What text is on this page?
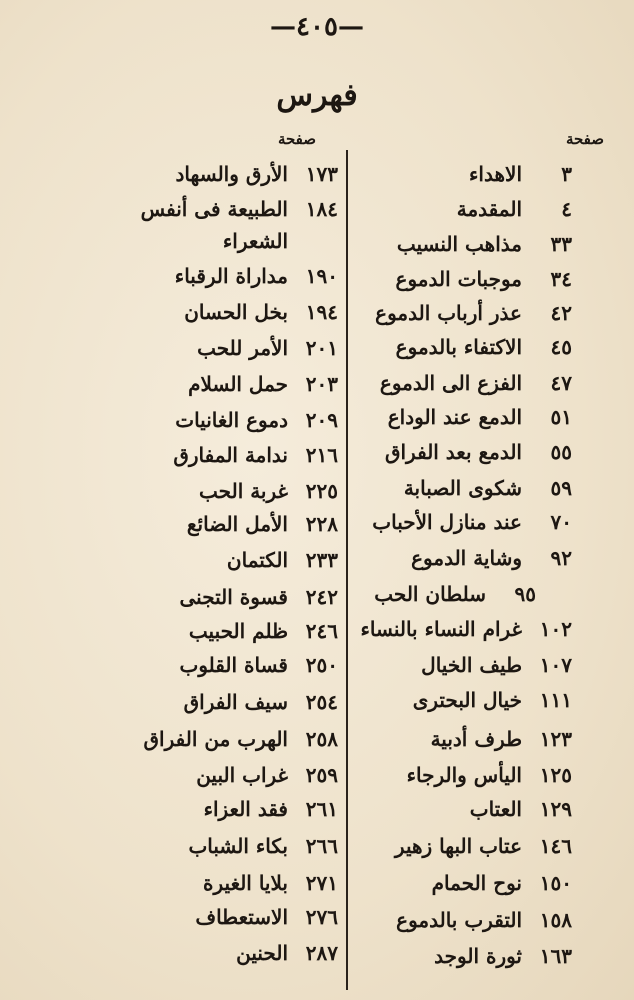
—٤٠٥—
فهرس
صفحة
صفحة
٣
الاهداء
٤
المقدمة
٣٣
مذاهب النسيب
٣٤
موجبات الدموع
٤٢
عذر أرباب الدموع
٤٥
الاكتفاء بالدموع
٤٧
الفزع الى الدموع
٥١
الدمع عند الوداع
٥٥
الدمع بعد الفراق
٥٩
شكوى الصبابة
٧٠
عند منازل الأحباب
٩٢
وشاية الدموع
٩٥
سلطان الحب
١٠٢
غرام النساء بالنساء
١٠٧
طيف الخيال
١١١
خيال البحترى
١٢٣
طرف أدبية
١٢٥
اليأس والرجاء
١٢٩
العتاب
١٤٦
عتاب البها زهير
١٥٠
نوح الحمام
١٥٨
التقرب بالدموع
١٦٣
ثورة الوجد
١٧٣
الأرق والسهاد
١٨٤
الطبيعة فى أنفس
الشعراء
١٩٠
مداراة الرقباء
١٩٤
بخل الحسان
٢٠١
الأمر للحب
٢٠٣
حمل السلام
٢٠٩
دموع الغانيات
٢١٦
ندامة المفارق
٢٢٥
غربة الحب
٢٢٨
الأمل الضائع
٢٣٣
الكتمان
٢٤٢
قسوة التجنى
٢٤٦
ظلم الحبيب
٢٥٠
قساة القلوب
٢٥٤
سيف الفراق
٢٥٨
الهرب من الفراق
٢٥٩
غراب البين
٢٦١
فقد العزاء
٢٦٦
بكاء الشباب
٢٧١
بلايا الغيرة
٢٧٦
الاستعطاف
٢٨٧
الحنين
